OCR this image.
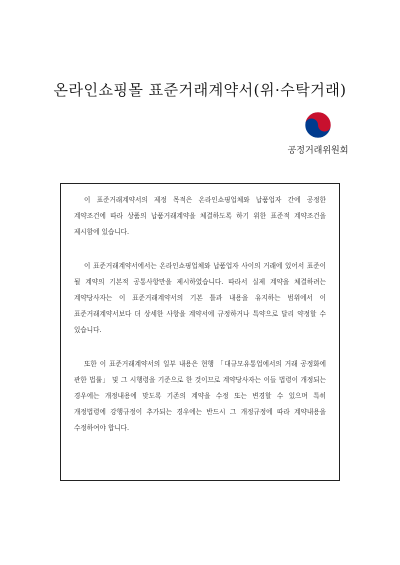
온라인쇼핑몰 표준거래계약서(위·수탁거래)
공정거래위원회

이 표준거래계약서의 제정 목적은 온라인쇼핑업체와 납품업자 간에 공정한 계약조건에 따라 상품의 납품거래계약을 체결하도록 하기 위한 표준적 계약조건을 제시함에 있습니다.

이 표준거래계약서에서는 온라인쇼핑업체와 납품업자 사이의 거래에 있어서 표준이 될 계약의 기본적 공통사항만을 제시하였습니다. 따라서 실제 계약을 체결하려는 계약당사자는 이 표준거래계약서의 기본 틀과 내용을 유지하는 범위에서 이 표준거래계약서보다 더 상세한 사항을 계약서에 규정하거나 특약으로 달리 약정할 수 있습니다.

또한 이 표준거래계약서의 일부 내용은 현행 「대규모유통업에서의 거래 공정화에 관한 법률」 및 그 시행령을 기준으로 한 것이므로 계약당사자는 이들 법령이 개정되는 경우에는 개정내용에 맞도록 기존의 계약을 수정 또는 변경할 수 있으며 특히 개정법령에 강행규정이 추가되는 경우에는 반드시 그 개정규정에 따라 계약내용을 수정하여야 합니다.
